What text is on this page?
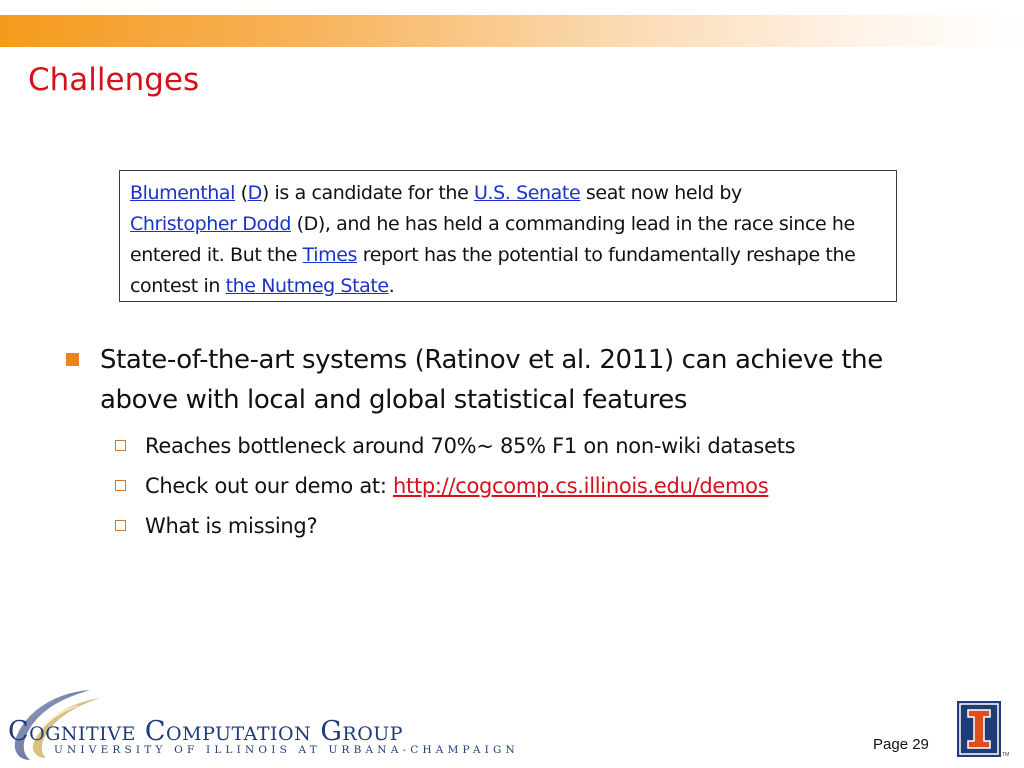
Challenges
Blumenthal (D) is a candidate for the U.S. Senate seat now held by
Christopher Dodd (D), and he has held a commanding lead in the race since he entered it. But the Times report has the potential to fundamentally reshape the contest in the Nutmeg State.
State-of-the-art systems (Ratinov et al. 2011) can achieve the above with local and global statistical features
Reaches bottleneck around 70%~ 85% F1 on non-wiki datasets
Check out our demo at: http://cogcomp.cs.illinois.edu/demos
What is missing?
Cognitive Computation Group
UNIVERSITY OF ILLINOIS AT URBANA-CHAMPAIGN	Page 29
TM
